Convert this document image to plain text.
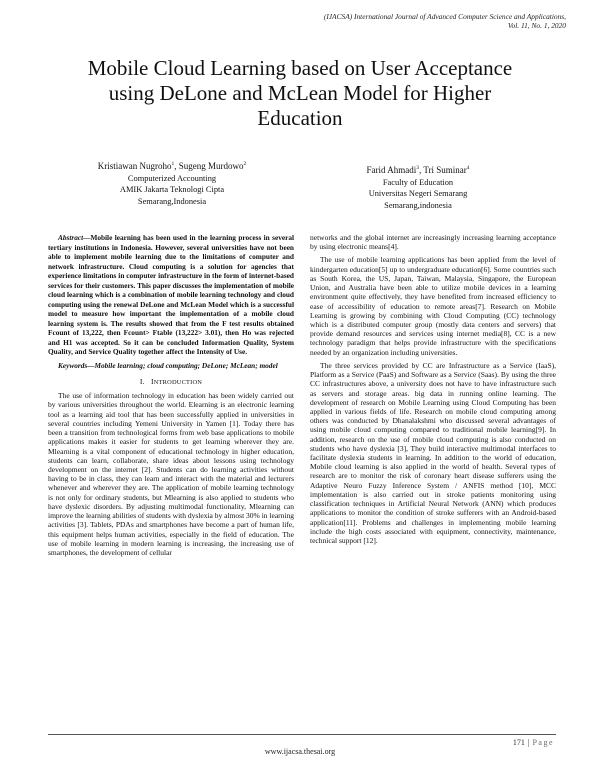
(IJACSA) International Journal of Advanced Computer Science and Applications,
Vol. 11, No. 1, 2020
Mobile Cloud Learning based on User Acceptance
using DeLone and McLean Model for Higher
Education
Kristiawan Nugroho$^1$, Sugeng Murdowo$^2$
Computerized Accounting
AMIK Jakarta Teknologi Cipta
Semarang,Indonesia
Farid Ahmadi$^3$, Tri Suminar$^4$
Faculty of Education
Universitas Negeri Semarang
Semarang,indonesia

Abstract—Mobile learning has been used in the learning process in several tertiary institutions in Indonesia. However, several universities have not been able to implement mobile learning due to the limitations of computer and network infrastructure. Cloud computing is a solution for agencies that experience limitations in computer infrastructure in the form of internet-based services for their customers. This paper discusses the implementation of mobile cloud learning which is a combination of mobile learning technology and cloud computing using the renewal DeLone and McLean Model which is a successful model to measure how important the implementation of a mobile cloud learning system is. The results showed that from the F test results obtained Fcount of 13,222, then Fcount> Ftable (13,222> 3.01), then Ho was rejected and H1 was accepted. So it can be concluded Information Quality, System Quality, and Service Quality together affect the Intensity of Use.

Keywords—Mobile learning; cloud computing; DeLone; McLean; model

I. INTRODUCTION

The use of information technology in education has been widely carried out by various universities throughout the world. Elearning is an electronic learning tool as a learning aid tool that has been successfully applied in universities in several countries including Yemeni University in Yamen [1]. Today there has been a transition from technological forms from web base applications to mobile applications makes it easier for students to get learning wherever they are. Mlearning is a vital component of educational technology in higher education, students can learn, collaborate, share ideas about lessons using technology development on the internet [2]. Students can do learning activities without having to be in class, they can learn and interact with the material and lecturers whenever and wherever they are. The application of mobile learning technology is not only for ordinary students, but Mlearning is also applied to students who have dyslexic disorders. By adjusting multimodal functionality, Mlearning can improve the learning abilities of students with dyslexia by almost 30% in learning activities [3]. Tablets, PDAs and smartphones have become a part of human life, this equipment helps human activities, especially in the field of education. The use of mobile learning in modern learning is increasing, the increasing use of smartphones, the development of cellular

networks and the global internet are increasingly increasing learning acceptance by using electronic means[4].

The use of mobile learning applications has been applied from the level of kindergarten education[5] up to undergraduate education[6]. Some countries such as South Korea, the US, Japan, Taiwan, Malaysia, Singapore, the European Union, and Australia have been able to utilize mobile devices in a learning environment quite effectively, they have benefited from increased efficiency to ease of accessibility of education to remote areas[7]. Research on Mobile Learning is growing by combining with Cloud Computing (CC) technology which is a distributed computer group (mostly data centers and servers) that provide demand resources and services using internet media[8], CC is a new technology paradigm that helps provide infrastructure with the specifications needed by an organization including universities.

The three services provided by CC are Infrastructure as a Service (IaaS), Platform as a Service (PaaS) and Software as a Service (Saas). By using the three CC infrastructures above, a university does not have to have infrastructure such as servers and storage areas. big data in running online learning. The development of research on Mobile Learning using Cloud Computing has been applied in various fields of life. Research on mobile cloud computing among others was conducted by Dhanalakshmi who discussed several advantages of using mobile cloud computing compared to traditional mobile learning[9]. In addition, research on the use of mobile cloud computing is also conducted on students who have dyslexia [3], They build interactive multimodal interfaces to facilitate dyslexia students in learning. In addition to the world of education, Mobile cloud learning is also applied in the world of health. Several types of research are to monitor the risk of coronary heart disease sufferers using the Adaptive Neuro Fuzzy Inference System / ANFIS method [10], MCC implementation is also carried out in stroke patients monitoring using classification techniques in Artificial Neural Network (ANN) which produces applications to monitor the condition of stroke sufferers with an Android-based application[11]. Problems and challenges in implementing mobile learning include the high costs associated with equipment, connectivity, maintenance, technical support [12].

171 | Page
www.ijacsa.thesai.org
